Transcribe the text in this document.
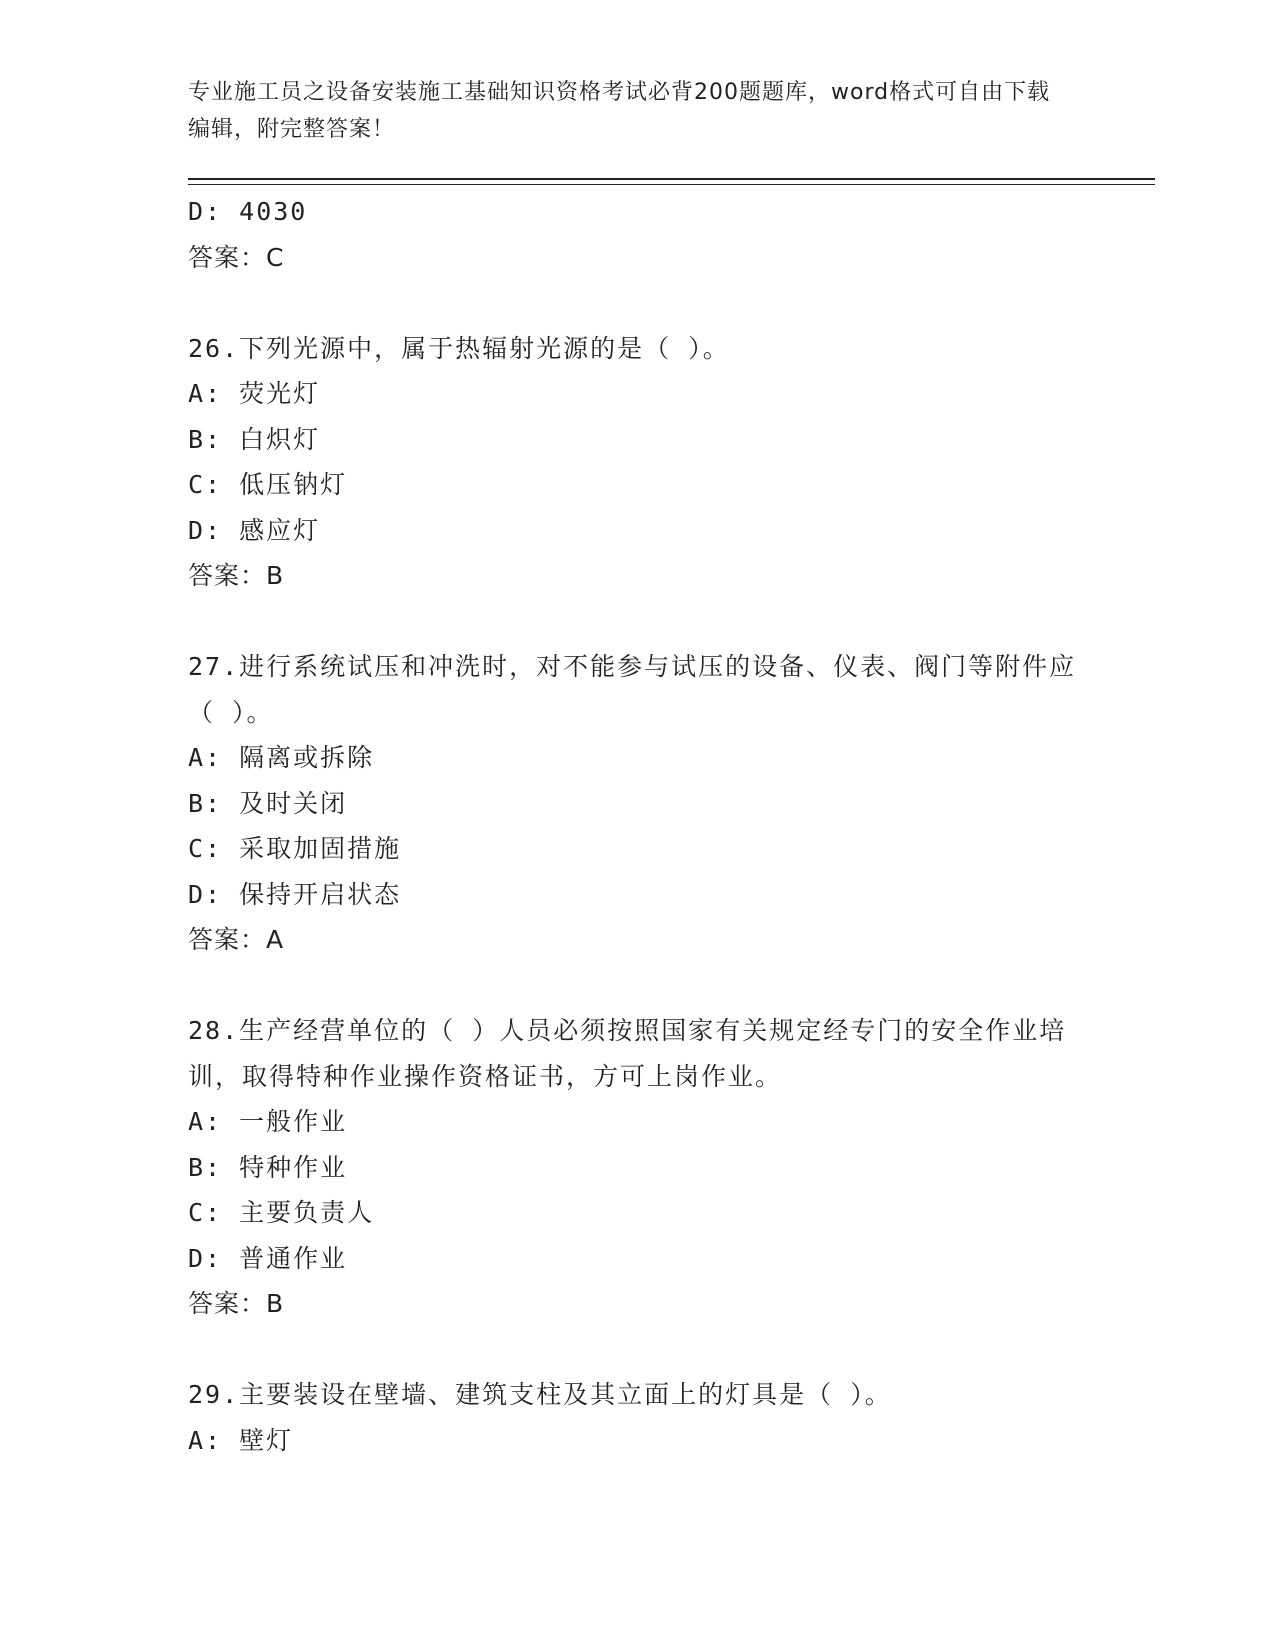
专业施工员之设备安装施工基础知识资格考试必背200题题库，word格式可自由下载编辑，附完整答案！
D: 4030
答案：C
26.下列光源中，属于热辐射光源的是（ ）。
A: 荧光灯
B: 白炽灯
C: 低压钠灯
D: 感应灯
答案：B
27.进行系统试压和冲洗时，对不能参与试压的设备、仪表、阀门等附件应（ ）。
A: 隔离或拆除
B: 及时关闭
C: 采取加固措施
D: 保持开启状态
答案：A
28.生产经营单位的（ ）人员必须按照国家有关规定经专门的安全作业培训，取得特种作业操作资格证书，方可上岗作业。
A: 一般作业
B: 特种作业
C: 主要负责人
D: 普通作业
答案：B
29.主要装设在壁墙、建筑支柱及其立面上的灯具是（ ）。
A: 壁灯
